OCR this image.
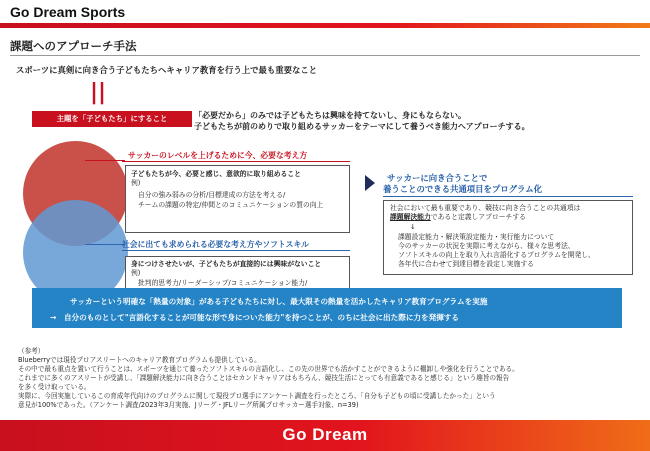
Go Dream Sports
課題へのアプローチ手法
スポーツに真剣に向き合う子どもたちへキャリア教育を行う上で最も重要なこと
||
主題を「子どもたち」にすること	「必要だから」のみでは子どもたちは興味を持てないし、身にもならない。
子どもたちが前のめりで取り組めるサッカーをテーマにして養うべき能力へアプローチする。
サッカーのレベルを上げるために今、必要な考え方
子どもたちが今、必要と感じ、意欲的に取り組めること
例)
自分の強み弱みの分析/目標達成の方法を考える/
チームの課題の特定/仲間とのコミュニケーションの質の向上
社会に出ても求められる必要な考え方やソフトスキル
身につけさせたいが、子どもたちが直接的には興味がないこと
例)
批判的思考力/リーダーシップ/コミュニケーション能力/
サッカーに向き合うことで
養うことのできる共通項目をプログラム化
社会において最も重要であり、競技に向き合うことの共通項は
課題解決能力であると定義しアプローチする
↓
課題設定能力・解決策設定能力・実行能力について
今のサッカーの状況を実際に考えながら、様々な思考法、
ソフトスキルの向上を取り入れ言語化するプログラムを開発し、
各年代に合わせて到達目標を設定し実施する
サッカーという明確な「熱量の対象」がある子どもたちに対し、最大限その熱量を活かしたキャリア教育プログラムを実施
→　自分のものとして"言語化することが可能な形で身についた能力"を持つことが、のちに社会に出た際に力を発揮する
（参考）
Blueberryでは現役プロアスリートへのキャリア教育プログラムも提供している。
その中で最も重点を置いて行うことは、スポーツを通じて養ったソフトスキルの言語化し、この先の世界でも活かすことができるように棚卸しや強化を行うことである。
これまでに多くのアスリートが受講し、「課題解決能力に向き合うことはセカンドキャリアはもちろん、競技生活にとっても有意義であると感じる」という趣旨の報告
を多く受け取っている。
実際に、今回実施しているこの育成年代向けのプログラムに関して現役プロ選手にアンケート調査を行ったところ、「自分も子どもの頃に受講したかった」という
意見が100%であった。（アンケート調査/2023年3月実施、Jリーグ・JFLリーグ所属プロサッカー選手対象、n=39)
Go Dream
